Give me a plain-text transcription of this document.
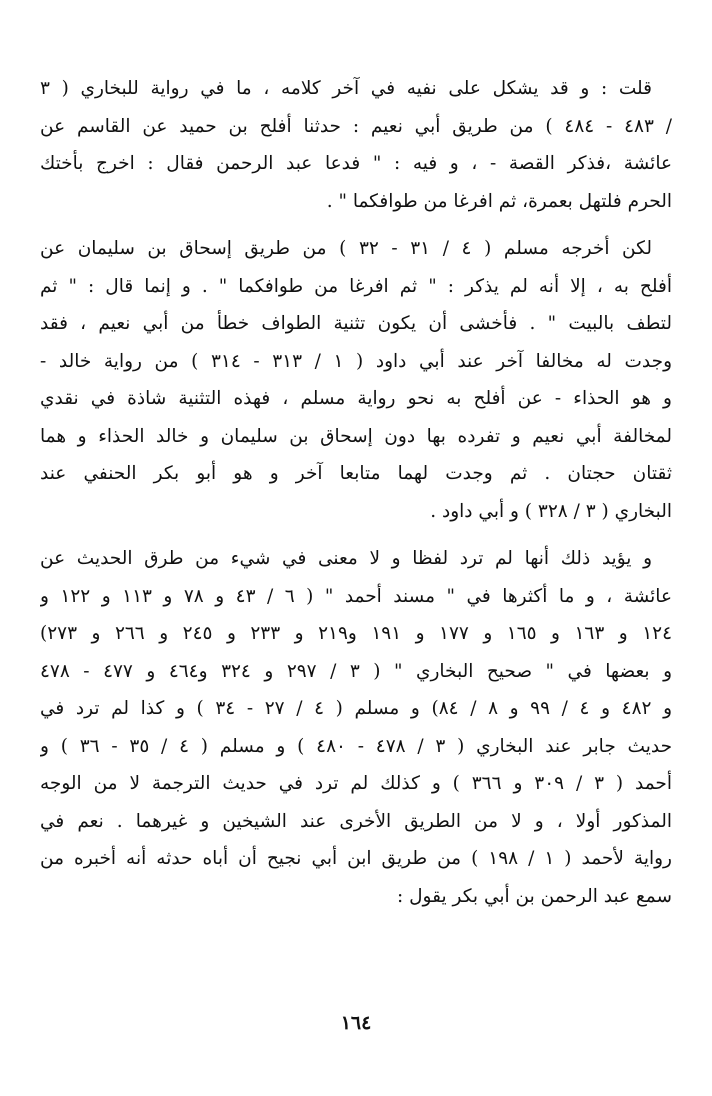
قلت : و قد يشكل على نفيه في آخر كلامه ، ما في رواية للبخاري ( ٣
/ ٤٨٣ - ٤٨٤ ) من طريق أبي نعيم : حدثنا أفلح بن حميد عن القاسم عن
عائشة ،فذكر القصة - ، و فيه : " فدعا عبد الرحمن فقال : اخرج بأختك
الحرم فلتهل بعمرة، ثم افرغا من طوافكما " .
لكن أخرجه مسلم ( ٤ / ٣١ - ٣٢ ) من طريق إسحاق بن سليمان عن
أفلح به ، إلا أنه لم يذكر : " ثم افرغا من طوافكما " . و إنما قال : " ثم
لتطف بالبيت " . فأخشى أن يكون تثنية الطواف خطأ من أبي نعيم ، فقد
وجدت له مخالفا آخر عند أبي داود ( ١ / ٣١٣ - ٣١٤ ) من رواية خالد -
و هو الحذاء - عن أفلح به نحو رواية مسلم ، فهذه التثنية شاذة في نقدي
لمخالفة أبي نعيم و تفرده بها دون إسحاق بن سليمان و خالد الحذاء و هما
ثقتان حجتان . ثم وجدت لهما متابعا آخر و هو أبو بكر الحنفي عند
البخاري ( ٣ / ٣٢٨ ) و أبي داود .
و يؤيد ذلك أنها لم ترد لفظا و لا معنى في شيء من طرق الحديث عن
عائشة ، و ما أكثرها في " مسند أحمد " ( ٦ / ٤٣ و ٧٨ و ١١٣ و ١٢٢ و
١٢٤ و ١٦٣ و ١٦٥ و ١٧٧ و ١٩١ و٢١٩ و ٢٣٣ و ٢٤٥ و ٢٦٦ و ٢٧٣)
و بعضها في " صحيح البخاري " ( ٣ / ٢٩٧ و ٣٢٤ و٤٦٤ و ٤٧٧ - ٤٧٨
و ٤٨٢ و ٤ / ٩٩ و ٨ / ٨٤) و مسلم ( ٤ / ٢٧ - ٣٤ ) و كذا لم ترد في
حديث جابر عند البخاري ( ٣ / ٤٧٨ - ٤٨٠ ) و مسلم ( ٤ / ٣٥ - ٣٦ ) و
أحمد ( ٣ / ٣٠٩ و ٣٦٦ ) و كذلك لم ترد في حديث الترجمة لا من الوجه
المذكور أولا ، و لا من الطريق الأخرى عند الشيخين و غيرهما . نعم في
رواية لأحمد ( ١ / ١٩٨ ) من طريق ابن أبي نجيح أن أباه حدثه أنه أخبره من
سمع عبد الرحمن بن أبي بكر يقول :
١٦٤
